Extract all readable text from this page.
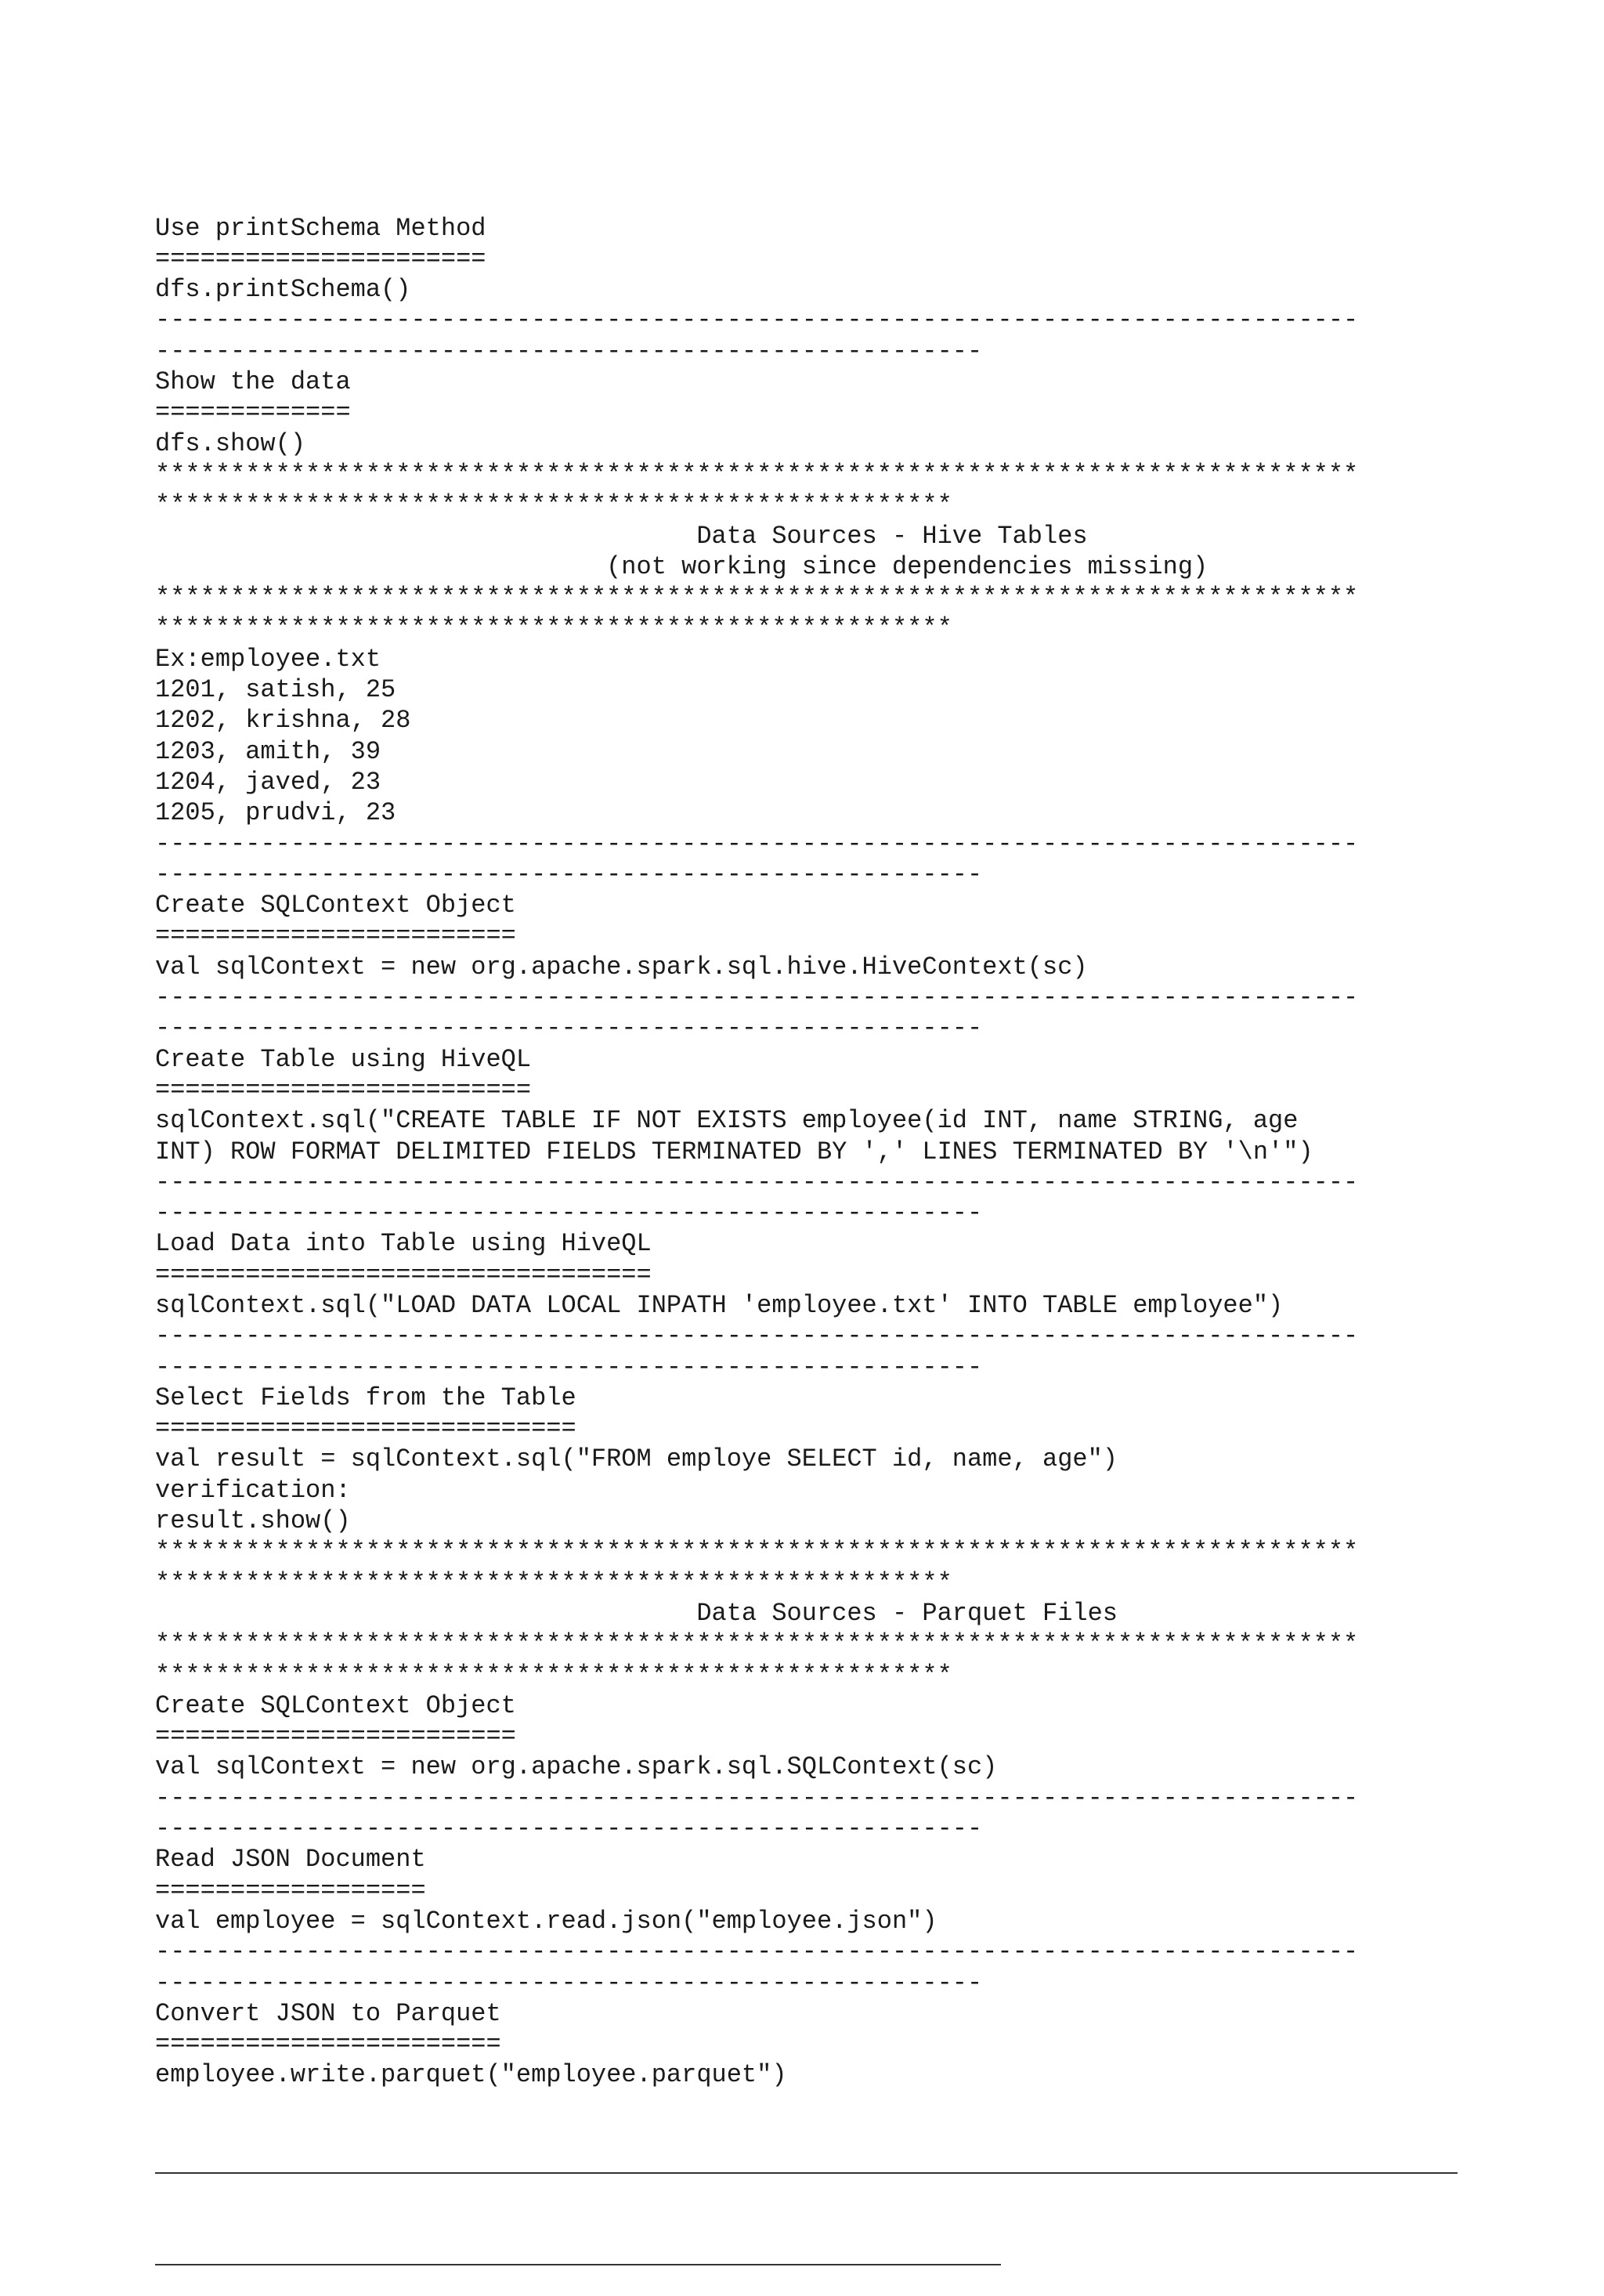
Use printSchema Method
======================
dfs.printSchema()
--------------------------------------------------------------------------------
-------------------------------------------------------
Show the data
=============
dfs.show()
********************************************************************************
*****************************************************
Data Sources - Hive Tables
(not working since dependencies missing)
********************************************************************************
*****************************************************
Ex:employee.txt
1201, satish, 25
1202, krishna, 28
1203, amith, 39
1204, javed, 23
1205, prudvi, 23
--------------------------------------------------------------------------------
-------------------------------------------------------
Create SQLContext Object
========================
val sqlContext = new org.apache.spark.sql.hive.HiveContext(sc)
--------------------------------------------------------------------------------
-------------------------------------------------------
Create Table using HiveQL
=========================
sqlContext.sql("CREATE TABLE IF NOT EXISTS employee(id INT, name STRING, age
INT) ROW FORMAT DELIMITED FIELDS TERMINATED BY ',' LINES TERMINATED BY '\n'")
--------------------------------------------------------------------------------
-------------------------------------------------------
Load Data into Table using HiveQL
=================================
sqlContext.sql("LOAD DATA LOCAL INPATH 'employee.txt' INTO TABLE employee")
--------------------------------------------------------------------------------
-------------------------------------------------------
Select Fields from the Table
============================
val result = sqlContext.sql("FROM employe SELECT id, name, age")
verification:
result.show()
********************************************************************************
*****************************************************
Data Sources - Parquet Files
********************************************************************************
*****************************************************
Create SQLContext Object
========================
val sqlContext = new org.apache.spark.sql.SQLContext(sc)
--------------------------------------------------------------------------------
-------------------------------------------------------
Read JSON Document
==================
val employee = sqlContext.read.json("employee.json")
--------------------------------------------------------------------------------
-------------------------------------------------------
Convert JSON to Parquet
=======================
employee.write.parquet("employee.parquet")
